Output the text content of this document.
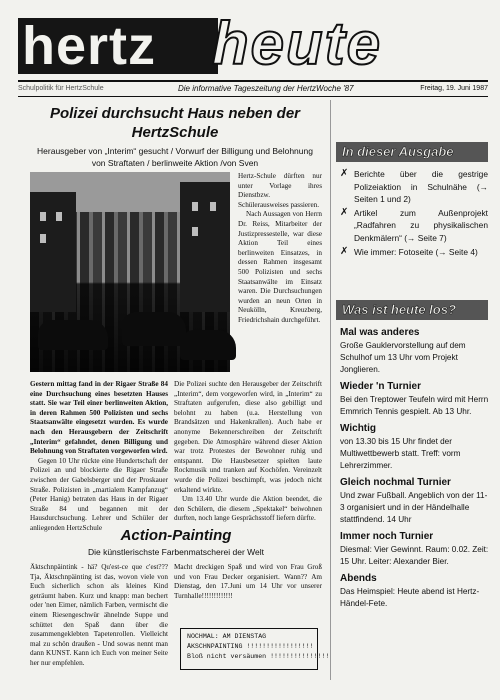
hertz heute
Schulpolitik für HertzSchule	Die informative Tageszeitung der HertzWoche '87	Freitag, 19. Juni 1987
Polizei durchsucht Haus neben der HertzSchule
Herausgeber von „Interim“ gesucht / Vorwurf der Billigung und Belohnung von Straftaten / berlinweite Aktion /von Sven

Hertz-Schule dürften nur unter Vorlage ihres Dienstbzw. Schülerausweises passieren.

Nach Aussagen von Herrn Dr. Reiss, Mitarbeiter der Justizpressestelle, war diese Aktion Teil eines berlinweiten Einsatzes, in dessen Rahmen insgesamt 500 Polizisten und sechs Staatsanwälte im Einsatz waren. Die Durchsuchungen wurden an neun Orten in Neukölln, Kreuzberg, Friedrichshain durchgeführt.

Gestern mittag fand in der Rigaer Straße 84 eine Durchsuchung eines besetzten Hauses statt. Sie war Teil einer berlinweiten Aktion, in deren Rahmen 500 Polizisten und sechs Staatsanwälte eingesetzt wurden. Es wurde nach den Herausgebern der Zeitschrift „Interim“ gefahndet, denen Billigung und Belohnung von Straftaten vorgeworfen wird.

Gegen 10 Uhr rückte eine Hundertschaft der Polizei an und blockierte die Rigaer Straße zwischen der Gabelsberger und der Proskauer Straße. Polizisten in „martialem Kampfanzug“ (Peter Hanig) betraten das Haus in der Rigaer Straße 84 und begannen mit der Hausdurchsuchung. Lehrer und Schüler der anliegenden HertzSchule

Die Polizei suchte den Herausgeber der Zeitschrift „Interim“, dem vorgeworfen wird, in „Interim“ zu Straftaten aufgerufen, diese also gebilligt und belohnt zu haben (u.a. Herstellung von Brandsätzen und Hakenkrallen). Auch habe er anonyme Bekennerschreiben der Zeitschrift gegeben. Die Atmosphäre während dieser Aktion war trotz Protestes der Bewohner ruhig und entspannt. Die Hausbesetzer spielten laute Rockmusik und tranken auf Kochöfen. Vereinzelt wurde die Polizei beschimpft, was jedoch nicht erkaltend wirkte.

Um 13.40 Uhr wurde die Aktion beendet, die den Schülern, die diesem „Spektakel“ beiwohnen durften, noch lange Gesprächsstoff liefern dürfte.

Action-Painting
Die künstlerischste Farbenmatscherei der Welt

Äktschnpäintink - hä? Qu'est-ce que c'est??? Tja, Äktschnpäinting ist das, wovon viele von Euch sicherlich schon als kleines Kind geträumt haben. Kurz und knapp: man bechert oder 'nen Eimer, nämlich Farben, vermischt die einem Riesengeschwür ähnelnde Suppe und schüttet den Spaß dann über die zusammengeklebten Tapetenrollen. Vielleicht mal zu schön draußen - Und sowas nennt man dann KUNST. Kann ich Euch von meiner Seite her nur empfehlen.

Macht dreckigen Spaß und wird von Frau Groß und von Frau Decker organisiert. Wann?? Am Dienstag, den 17.Juni um 14 Uhr vor unserer Turnhalle!!!!!!!!!!!!!

NOCHMAL: AM DIENSTAG
ÄKSCHNPÄINTING !!!!!!!!!!!!!!!!!
Bloß nicht versäumen !!!!!!!!!!!!!!!
In dieser Ausgabe
✗ Berichte über die gestrige Polizeiaktion in Schulnähe (→ Seiten 1 und 2)
✗ Artikel zum Außenprojekt „Radfahren zu physikalischen Denkmälern“ (→ Seite 7)
✗ Wie immer: Fotoseite (→ Seite 4)
Was ist heute los?
Mal was anderes
Große Gauklervorstellung auf dem Schulhof um 13 Uhr vom Projekt Jonglieren.
Wieder 'n Turnier
Bei den Treptower Teufeln wird mit Herrn Emmrich Tennis gespielt. Ab 13 Uhr.
Wichtig
von 13.30 bis 15 Uhr findet der Multiwettbewerb statt. Treff: vorm Lehrerzimmer.
Gleich nochmal Turnier
Und zwar Fußball. Angeblich von der 11-3 organisiert und in der Händelhalle stattfindend. 14 Uhr
Immer noch Turnier
Diesmal: Vier Gewinnt. Raum: 0.02. Zeit: 15 Uhr. Leiter: Alexander Bier.
Abends
Das Heimspiel: Heute abend ist Hertz-Händel-Fete.
